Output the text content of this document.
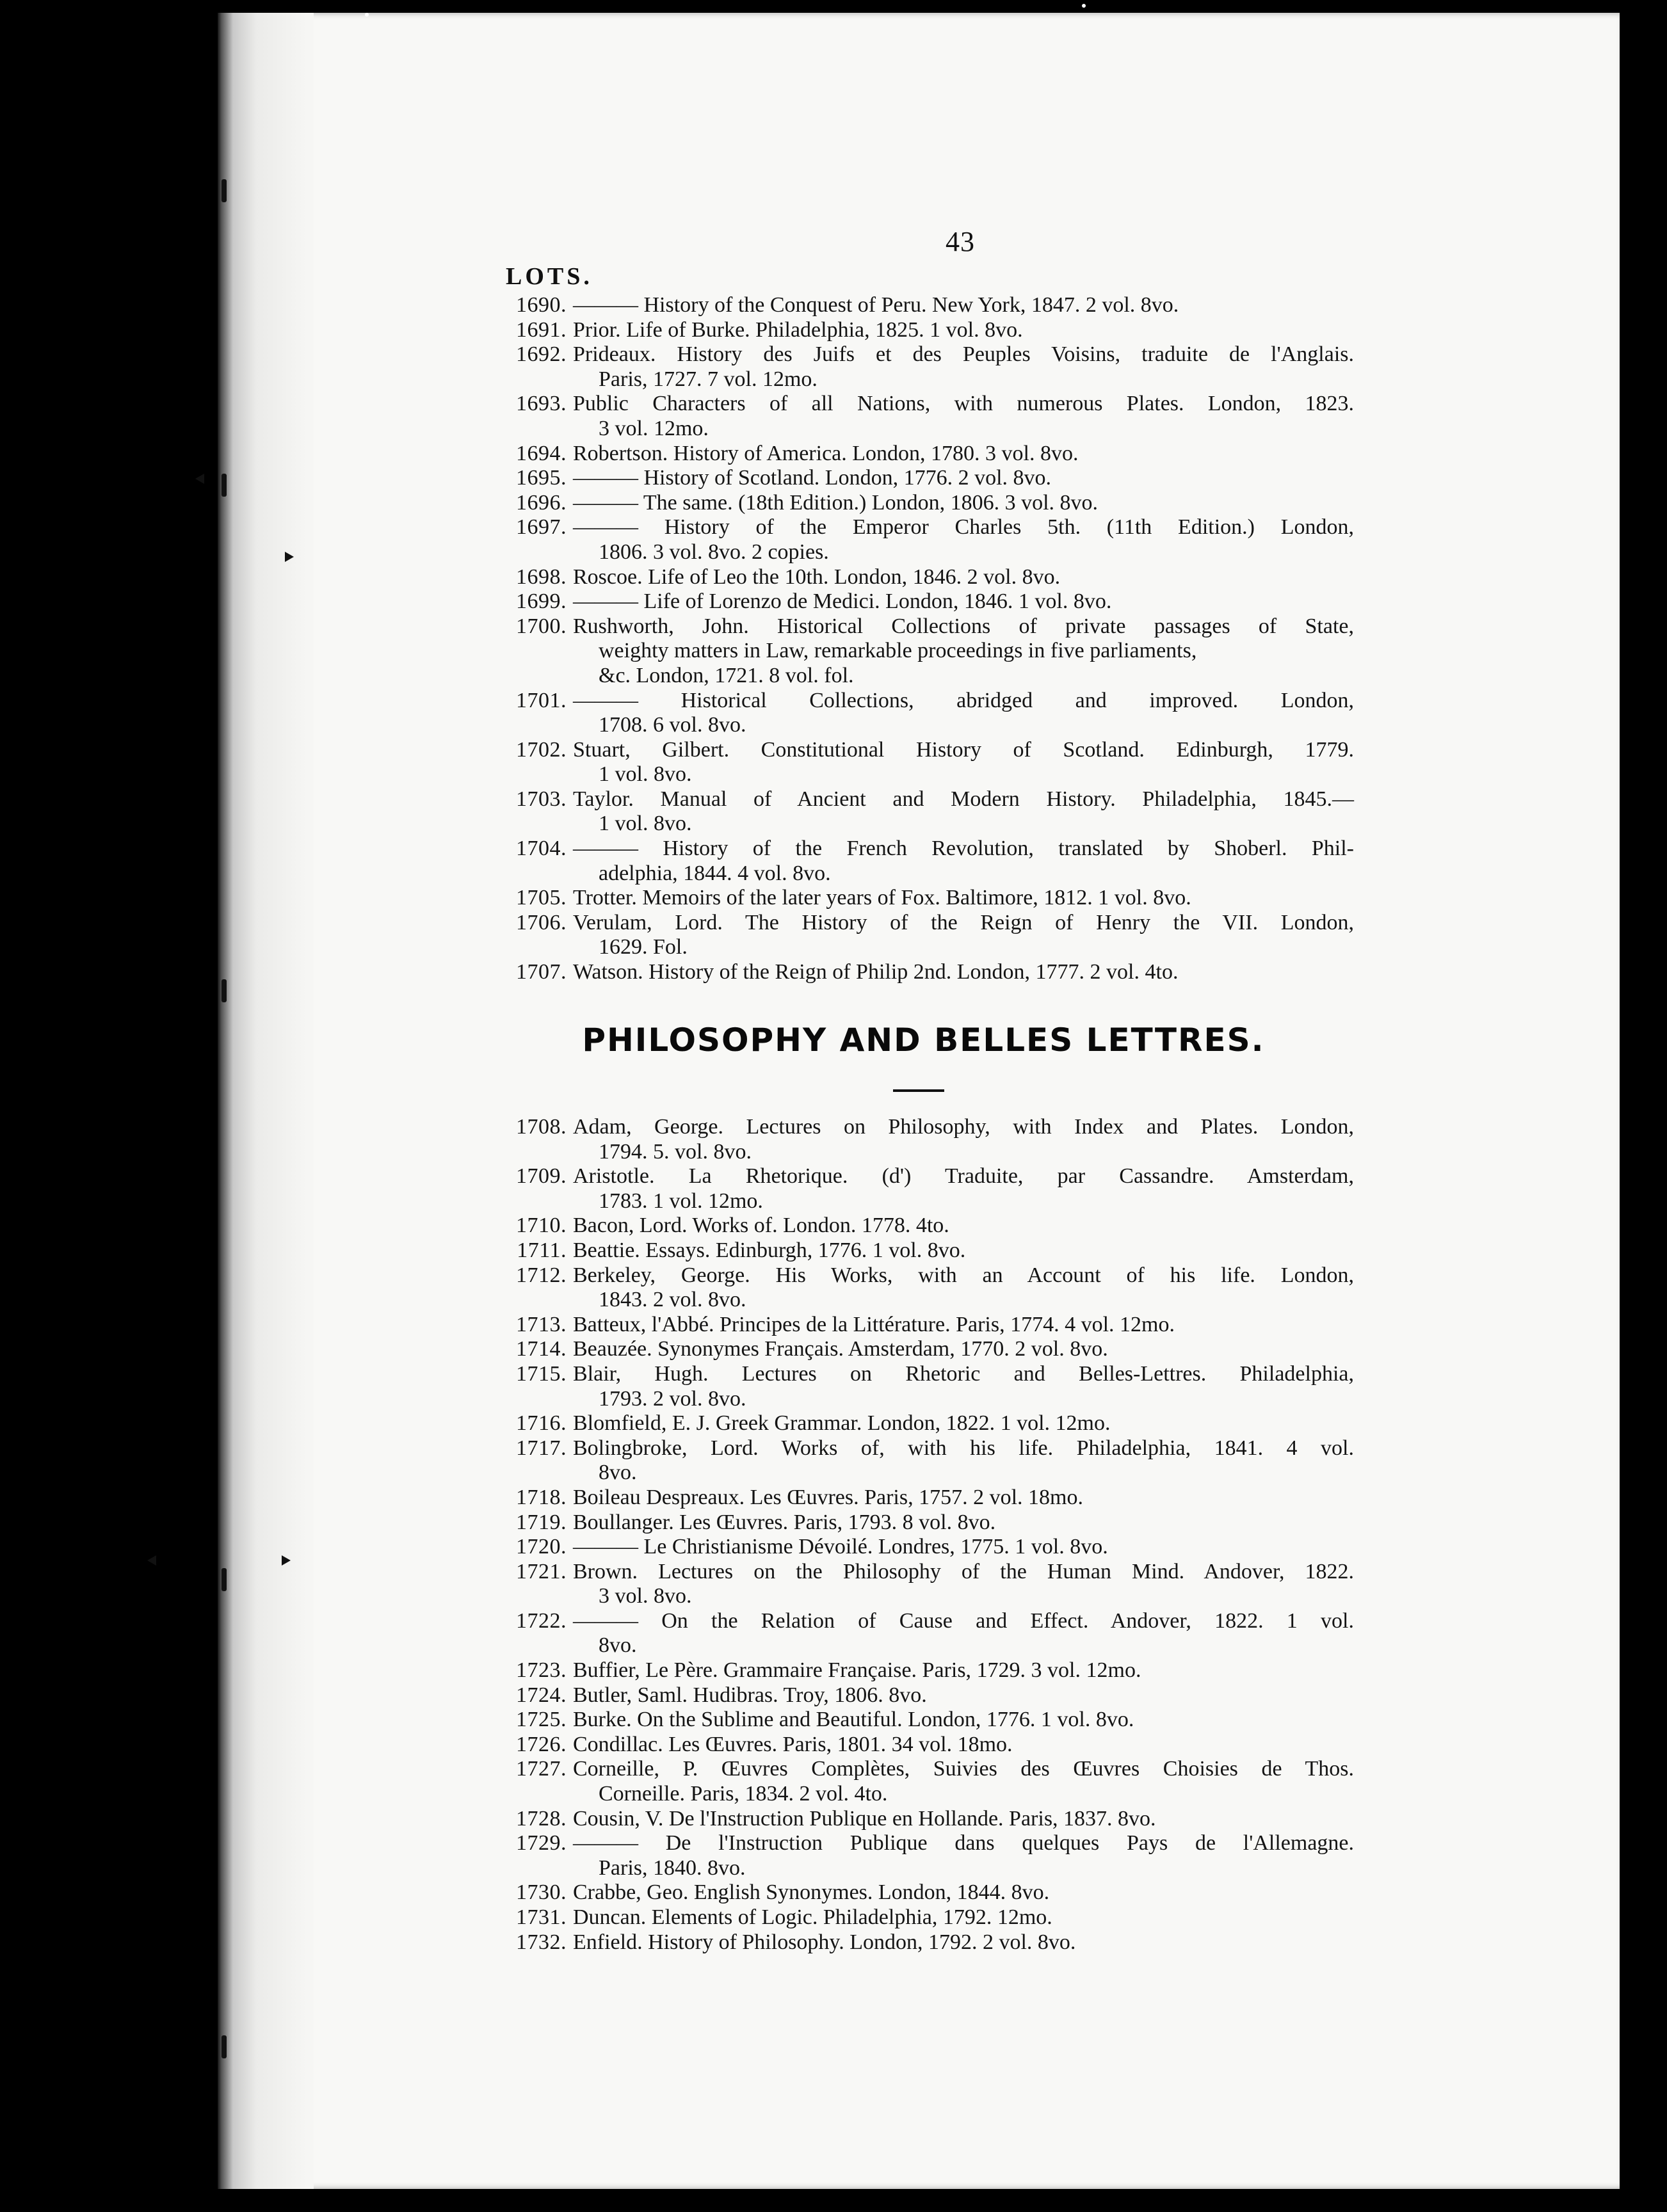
43
LOTS.
1690. ——— History of the Conquest of Peru. New York, 1847. 2 vol. 8vo.
1691. Prior. Life of Burke. Philadelphia, 1825. 1 vol. 8vo.
1692. Prideaux. History des Juifs et des Peuples Voisins, traduite de l'Anglais.
Paris, 1727. 7 vol. 12mo.
1693. Public Characters of all Nations, with numerous Plates. London, 1823.
3 vol. 12mo.
1694. Robertson. History of America. London, 1780. 3 vol. 8vo.
1695. ——— History of Scotland. London, 1776. 2 vol. 8vo.
1696. ——— The same. (18th Edition.) London, 1806. 3 vol. 8vo.
1697. ——— History of the Emperor Charles 5th. (11th Edition.) London,
1806. 3 vol. 8vo. 2 copies.
1698. Roscoe. Life of Leo the 10th. London, 1846. 2 vol. 8vo.
1699. ——— Life of Lorenzo de Medici. London, 1846. 1 vol. 8vo.
1700. Rushworth, John. Historical Collections of private passages of State,
weighty matters in Law, remarkable proceedings in five parliaments,
&c. London, 1721. 8 vol. fol.
1701. ——— Historical Collections, abridged and improved. London,
1708. 6 vol. 8vo.
1702. Stuart, Gilbert. Constitutional History of Scotland. Edinburgh, 1779.
1 vol. 8vo.
1703. Taylor. Manual of Ancient and Modern History. Philadelphia, 1845.—
1 vol. 8vo.
1704. ——— History of the French Revolution, translated by Shoberl. Phil-
adelphia, 1844. 4 vol. 8vo.
1705. Trotter. Memoirs of the later years of Fox. Baltimore, 1812. 1 vol. 8vo.
1706. Verulam, Lord. The History of the Reign of Henry the VII. London,
1629. Fol.
1707. Watson. History of the Reign of Philip 2nd. London, 1777. 2 vol. 4to.
PHILOSOPHY AND BELLES LETTRES.
1708. Adam, George. Lectures on Philosophy, with Index and Plates. London,
1794. 5. vol. 8vo.
1709. Aristotle. La Rhetorique. (d') Traduite, par Cassandre. Amsterdam,
1783. 1 vol. 12mo.
1710. Bacon, Lord. Works of. London. 1778. 4to.
1711. Beattie. Essays. Edinburgh, 1776. 1 vol. 8vo.
1712. Berkeley, George. His Works, with an Account of his life. London,
1843. 2 vol. 8vo.
1713. Batteux, l'Abbé. Principes de la Littérature. Paris, 1774. 4 vol. 12mo.
1714. Beauzée. Synonymes Français. Amsterdam, 1770. 2 vol. 8vo.
1715. Blair, Hugh. Lectures on Rhetoric and Belles-Lettres. Philadelphia,
1793. 2 vol. 8vo.
1716. Blomfield, E. J. Greek Grammar. London, 1822. 1 vol. 12mo.
1717. Bolingbroke, Lord. Works of, with his life. Philadelphia, 1841. 4 vol.
8vo.
1718. Boileau Despreaux. Les Œuvres. Paris, 1757. 2 vol. 18mo.
1719. Boullanger. Les Œuvres. Paris, 1793. 8 vol. 8vo.
1720. ——— Le Christianisme Dévoilé. Londres, 1775. 1 vol. 8vo.
1721. Brown. Lectures on the Philosophy of the Human Mind. Andover, 1822.
3 vol. 8vo.
1722. ——— On the Relation of Cause and Effect. Andover, 1822. 1 vol.
8vo.
1723. Buffier, Le Père. Grammaire Française. Paris, 1729. 3 vol. 12mo.
1724. Butler, Saml. Hudibras. Troy, 1806. 8vo.
1725. Burke. On the Sublime and Beautiful. London, 1776. 1 vol. 8vo.
1726. Condillac. Les Œuvres. Paris, 1801. 34 vol. 18mo.
1727. Corneille, P. Œuvres Complètes, Suivies des Œuvres Choisies de Thos.
Corneille. Paris, 1834. 2 vol. 4to.
1728. Cousin, V. De l'Instruction Publique en Hollande. Paris, 1837. 8vo.
1729. ——— De l'Instruction Publique dans quelques Pays de l'Allemagne.
Paris, 1840. 8vo.
1730. Crabbe, Geo. English Synonymes. London, 1844. 8vo.
1731. Duncan. Elements of Logic. Philadelphia, 1792. 12mo.
1732. Enfield. History of Philosophy. London, 1792. 2 vol. 8vo.
